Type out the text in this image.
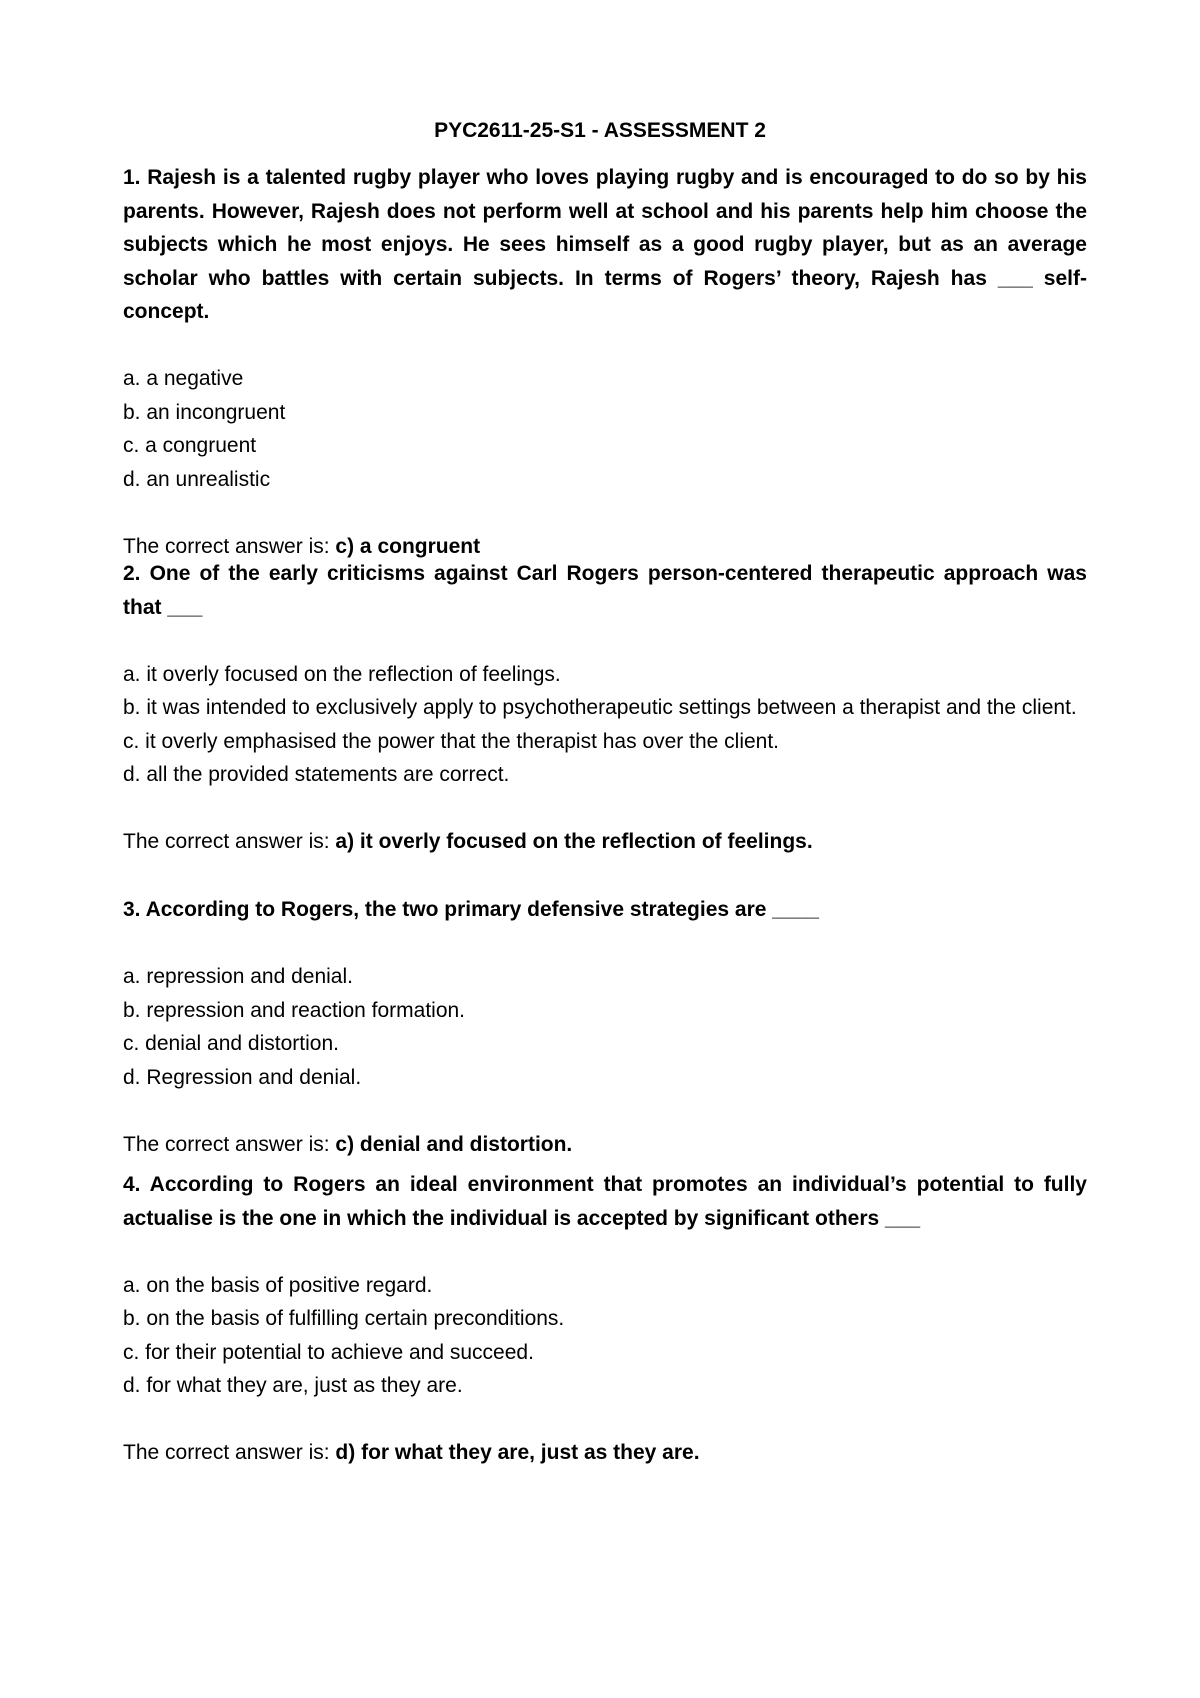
PYC2611-25-S1 - ASSESSMENT 2

1. Rajesh is a talented rugby player who loves playing rugby and is encouraged to do so by his parents. However, Rajesh does not perform well at school and his parents help him choose the subjects which he most enjoys. He sees himself as a good rugby player, but as an average scholar who battles with certain subjects. In terms of Rogers’ theory, Rajesh has ___ self-concept.

a. a negative

b. an incongruent

c. a congruent

d. an unrealistic

The correct answer is: c) a congruent

2. One of the early criticisms against Carl Rogers person-centered therapeutic approach was that ___

a. it overly focused on the reflection of feelings.

b. it was intended to exclusively apply to psychotherapeutic settings between a therapist and the client.

c. it overly emphasised the power that the therapist has over the client.

d. all the provided statements are correct.

The correct answer is: a) it overly focused on the reflection of feelings.

3. According to Rogers, the two primary defensive strategies are ____

a. repression and denial.

b. repression and reaction formation.

c. denial and distortion.

d. Regression and denial.

The correct answer is: c) denial and distortion.

4. According to Rogers an ideal environment that promotes an individual’s potential to fully actualise is the one in which the individual is accepted by significant others ___

a. on the basis of positive regard.

b. on the basis of fulfilling certain preconditions.

c. for their potential to achieve and succeed.

d. for what they are, just as they are.

The correct answer is: d) for what they are, just as they are.
